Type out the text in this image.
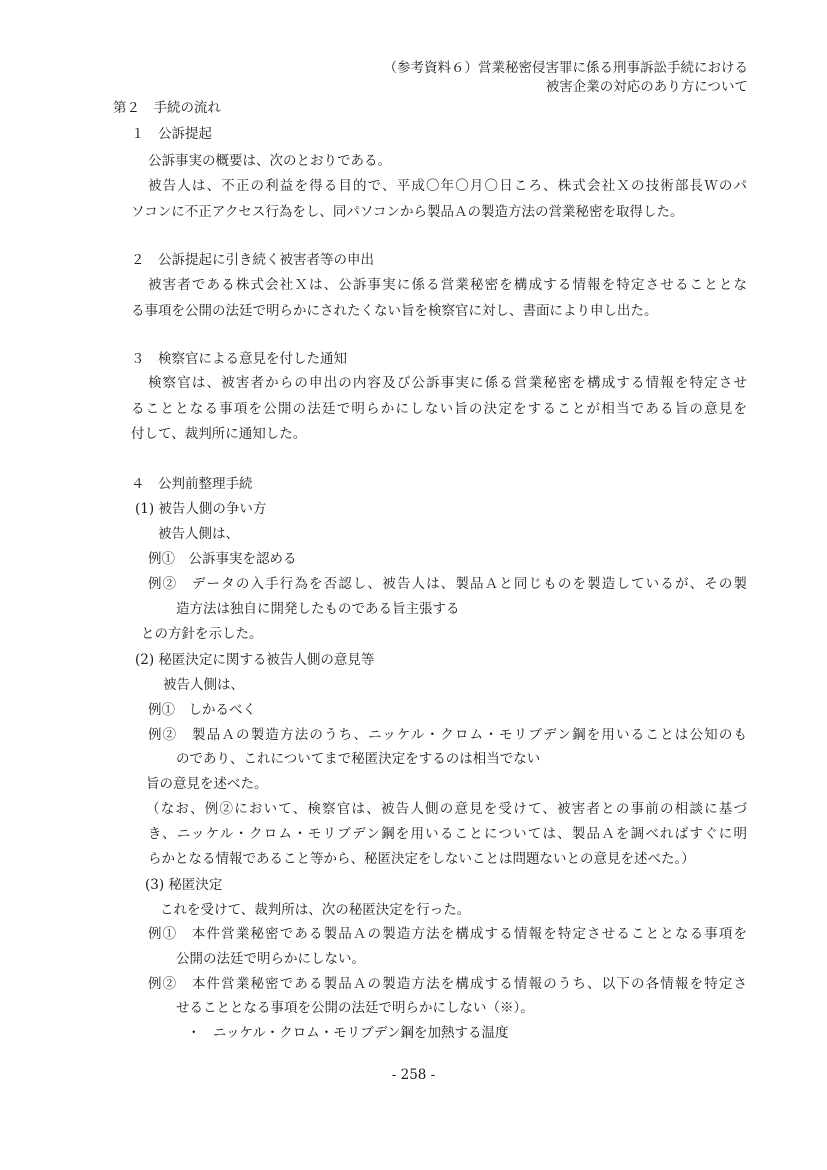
（参考資料６）営業秘密侵害罪に係る刑事訴訟手続における
被害企業の対応のあり方について
第２　手続の流れ
１　公訴提起
公訴事実の概要は、次のとおりである。
被告人は、不正の利益を得る目的で、平成〇年〇月〇日ころ、株式会社Ｘの技術部長Ｗのパ
ソコンに不正アクセス行為をし、同パソコンから製品Ａの製造方法の営業秘密を取得した。
２　公訴提起に引き続く被害者等の申出
被害者である株式会社Ｘは、公訴事実に係る営業秘密を構成する情報を特定させることとな
る事項を公開の法廷で明らかにされたくない旨を検察官に対し、書面により申し出た。
３　検察官による意見を付した通知
検察官は、被害者からの申出の内容及び公訴事実に係る営業秘密を構成する情報を特定させ
ることとなる事項を公開の法廷で明らかにしない旨の決定をすることが相当である旨の意見を
付して、裁判所に通知した。
４　公判前整理手続
(1) 被告人側の争い方
被告人側は、
例①　公訴事実を認める
例②　データの入手行為を否認し、被告人は、製品Ａと同じものを製造しているが、その製
造方法は独自に開発したものである旨主張する
との方針を示した。
(2) 秘匿決定に関する被告人側の意見等
被告人側は、
例①　しかるべく
例②　製品Ａの製造方法のうち、ニッケル・クロム・モリブデン鋼を用いることは公知のも
のであり、これについてまで秘匿決定をするのは相当でない
旨の意見を述べた。
（なお、例②において、検察官は、被告人側の意見を受けて、被害者との事前の相談に基づ
き、ニッケル・クロム・モリブデン鋼を用いることについては、製品Ａを調べればすぐに明
らかとなる情報であること等から、秘匿決定をしないことは問題ないとの意見を述べた。）
(3) 秘匿決定
これを受けて、裁判所は、次の秘匿決定を行った。
例①　本件営業秘密である製品Ａの製造方法を構成する情報を特定させることとなる事項を
公開の法廷で明らかにしない。
例②　本件営業秘密である製品Ａの製造方法を構成する情報のうち、以下の各情報を特定さ
せることとなる事項を公開の法廷で明らかにしない（※）。
・ ニッケル・クロム・モリブデン鋼を加熱する温度
- 258 -
